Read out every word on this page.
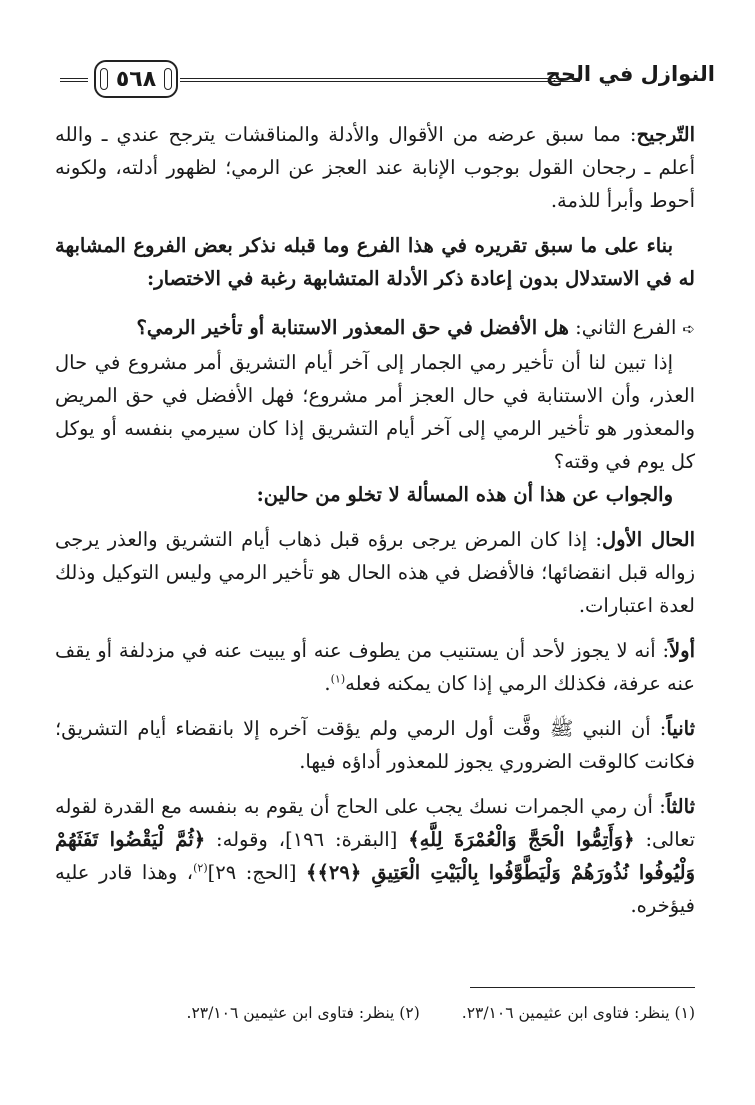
النوازل في الحج
٥٦٨

التّرجيح: مما سبق عرضه من الأقوال والأدلة والمناقشات يترجح عندي ـ والله أعلم ـ رجحان القول بوجوب الإنابة عند العجز عن الرمي؛ لظهور أدلته، ولكونه أحوط وأبرأ للذمة.

بناء على ما سبق تقريره في هذا الفرع وما قبله نذكر بعض الفروع المشابهة له في الاستدلال بدون إعادة ذكر الأدلة المتشابهة رغبة في الاختصار:

➪الفرع الثاني: هل الأفضل في حق المعذور الاستنابة أو تأخير الرمي؟

إذا تبين لنا أن تأخير رمي الجمار إلى آخر أيام التشريق أمر مشروع في حال العذر، وأن الاستنابة في حال العجز أمر مشروع؛ فهل الأفضل في حق المريض والمعذور هو تأخير الرمي إلى آخر أيام التشريق إذا كان سيرمي بنفسه أو يوكل كل يوم في وقته؟

والجواب عن هذا أن هذه المسألة لا تخلو من حالين:

الحال الأول: إذا كان المرض يرجى برؤه قبل ذهاب أيام التشريق والعذر يرجى زواله قبل انقضائها؛ فالأفضل في هذه الحال هو تأخير الرمي وليس التوكيل وذلك لعدة اعتبارات.

أولاً: أنه لا يجوز لأحد أن يستنيب من يطوف عنه أو يبيت عنه في مزدلفة أو يقف عنه عرفة، فكذلك الرمي إذا كان يمكنه فعله$^{(١)}$.

ثانياً: أن النبي ﷺ وقَّت أول الرمي ولم يؤقت آخره إلا بانقضاء أيام التشريق؛ فكانت كالوقت الضروري يجوز للمعذور أداؤه فيها.

ثالثاً: أن رمي الجمرات نسك يجب على الحاج أن يقوم به بنفسه مع القدرة لقوله تعالى: ﴿وَأَتِمُّوا الْحَجَّ وَالْعُمْرَةَ لِلَّهِ﴾ [البقرة: ١٩٦]، وقوله: ﴿ثُمَّ لْيَقْضُوا تَفَثَهُمْ وَلْيُوفُوا نُذُورَهُمْ وَلْيَطَّوَّفُوا بِالْبَيْتِ الْعَتِيقِ ﴿٢٩﴾﴾ [الحج: ٢٩]$^{(٢)}$، وهذا قادر عليه فيؤخره.

(١) ينظر: فتاوى ابن عثيمين ٢٣/١٠٦.
(٢) ينظر: فتاوى ابن عثيمين ٢٣/١٠٦.
